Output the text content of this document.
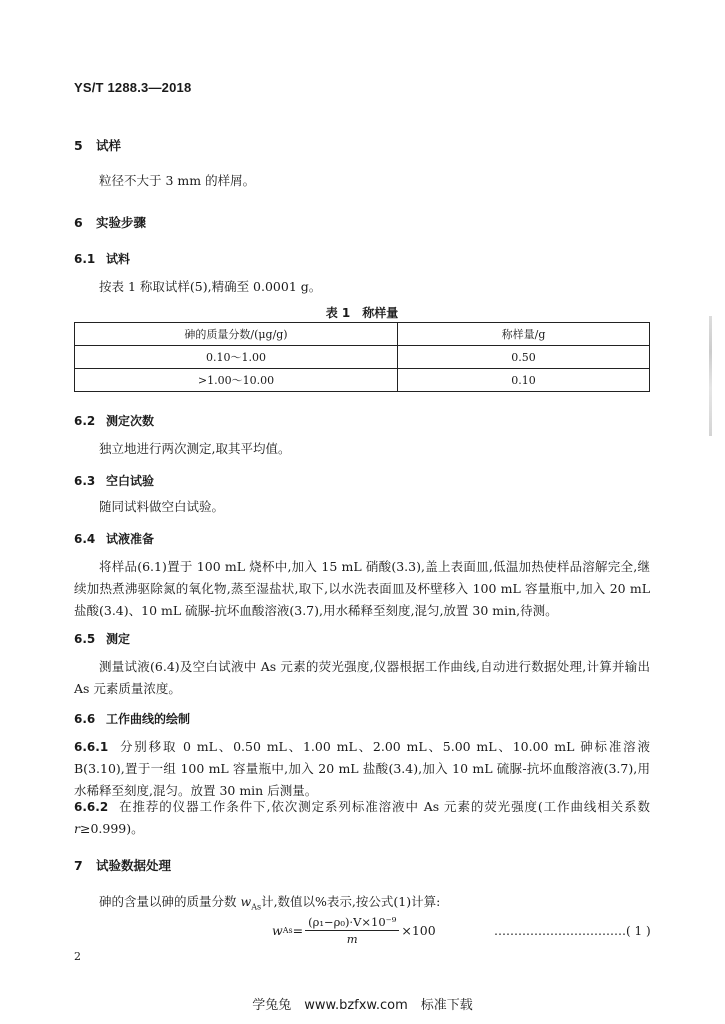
YS/T 1288.3—2018
5 试样
粒径不大于 3 mm 的样屑。
6 实验步骤
6.1 试料
按表 1 称取试样(5),精确至 0.0001 g。
表 1　称样量
砷的质量分数/(μg/g)	称样量/g
0.10～1.00	0.50
>1.00～10.00	0.10
6.2 测定次数
独立地进行两次测定,取其平均值。
6.3 空白试验
随同试料做空白试验。
6.4 试液准备
将样品(6.1)置于 100 mL 烧杯中,加入 15 mL 硝酸(3.3),盖上表面皿,低温加热使样品溶解完全,继续加热煮沸驱除氮的氧化物,蒸至湿盐状,取下,以水洗表面皿及杯壁移入 100 mL 容量瓶中,加入 20 mL 盐酸(3.4)、10 mL 硫脲-抗坏血酸溶液(3.7),用水稀释至刻度,混匀,放置 30 min,待测。
6.5 测定
测量试液(6.4)及空白试液中 As 元素的荧光强度,仪器根据工作曲线,自动进行数据处理,计算并输出 As 元素质量浓度。
6.6 工作曲线的绘制
6.6.1 分别移取 0 mL、0.50 mL、1.00 mL、2.00 mL、5.00 mL、10.00 mL 砷标准溶液 B(3.10),置于一组 100 mL 容量瓶中,加入 20 mL 盐酸(3.4),加入 10 mL 硫脲-抗坏血酸溶液(3.7),用水稀释至刻度,混匀。放置 30 min 后测量。
6.6.2 在推荐的仪器工作条件下,依次测定系列标准溶液中 As 元素的荧光强度(工作曲线相关系数r≥0.999)。
7 试验数据处理
砷的含量以砷的质量分数 $w_{As}$计,数值以%表示,按公式(1)计算:
w $As = \frac{\text{(ρ₁−ρ₀)·V×10⁻⁹}}{m} \times 100$	……………………………( 1 )
2
学兔兔　www.bzfxw.com　标准下载
